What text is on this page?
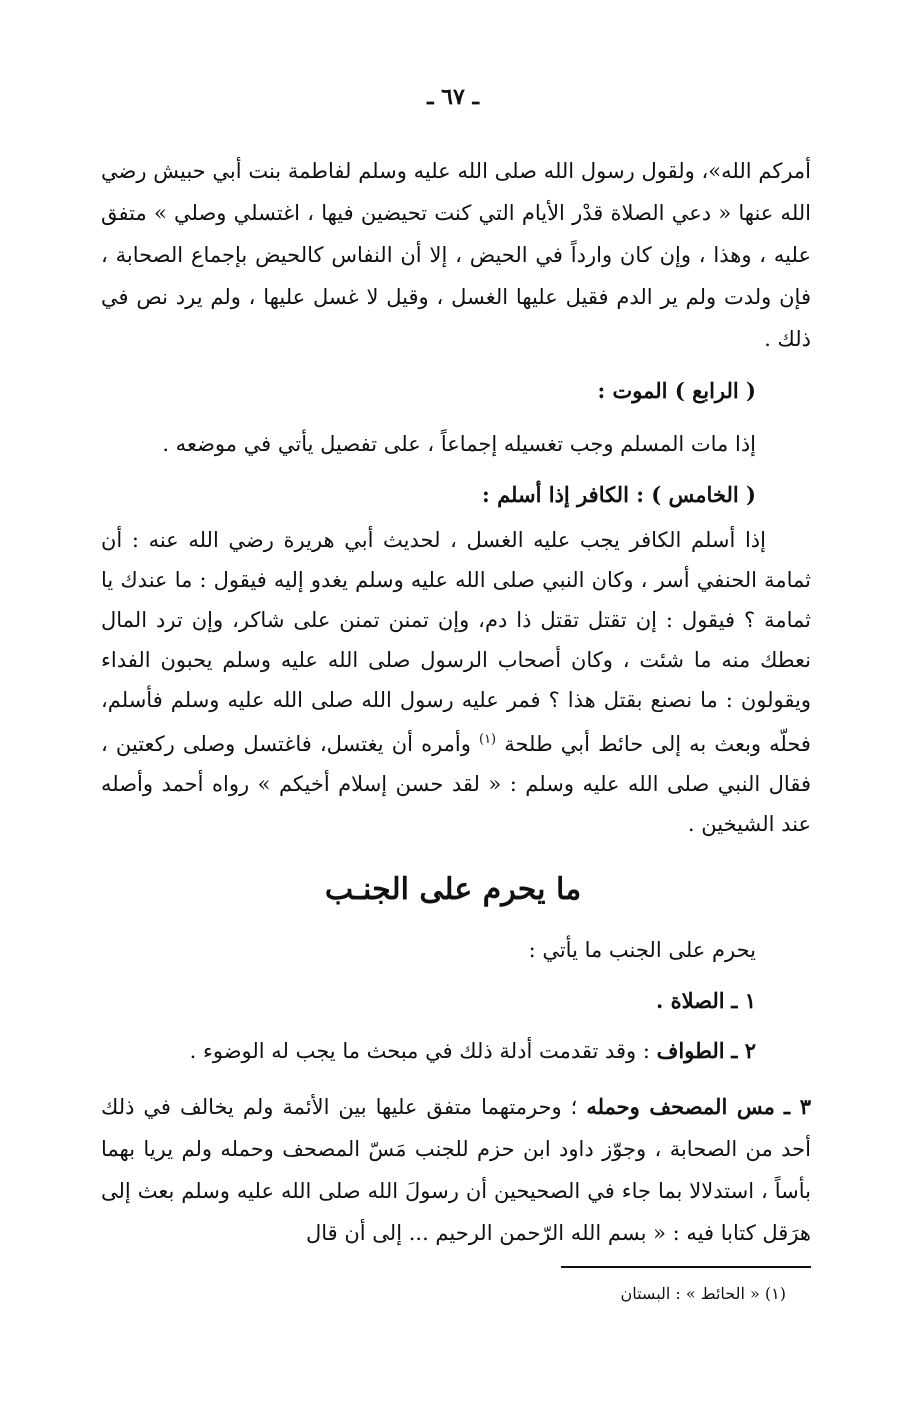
ـ ٦٧ ـ
أمركم الله»، ولقول رسول الله صلى الله عليه وسلم لفاطمة بنت أبي حبيش رضي الله عنها « دعي الصلاة قدْر الأيام التي كنت تحيضين فيها ، اغتسلي وصلي » متفق عليه ، وهذا ، وإن كان وارداً في الحيض ، إلا أن النفاس كالحيض بإجماع الصحابة ، فإن ولدت ولم ير الدم فقيل عليها الغسل ، وقيل لا غسل عليها ، ولم يرد نص في ذلك .
( الرابع ) الموت :
إذا مات المسلم وجب تغسيله إجماعاً ، على تفصيل يأتي في موضعه .
( الخامس ) : الكافر إذا أسلم :
إذا أسلم الكافر يجب عليه الغسل ، لحديث أبي هريرة رضي الله عنه : أن ثمامة الحنفي أسر ، وكان النبي صلى الله عليه وسلم يغدو إليه فيقول : ما عندك يا ثمامة ؟ فيقول : إن تقتل تقتل ذا دم، وإن تمنن تمنن على شاكر، وإن ترد المال نعطك منه ما شئت ، وكان أصحاب الرسول صلى الله عليه وسلم يحبون الفداء ويقولون : ما نصنع بقتل هذا ؟ فمر عليه رسول الله صلى الله عليه وسلم فأسلم، فحلّه وبعث به إلى حائط أبي طلحة $^{(١)}$ وأمره أن يغتسل، فاغتسل وصلى ركعتين ، فقال النبي صلى الله عليه وسلم : « لقد حسن إسلام أخيكم » رواه أحمد وأصله عند الشيخين .
ما يحرم على الجنـب
يحرم على الجنب ما يأتي :
١ ـ الصلاة .
٢ ـ الطواف : وقد تقدمت أدلة ذلك في مبحث ما يجب له الوضوء .
٣ ـ مس المصحف وحمله ؛ وحرمتهما متفق عليها بين الأئمة ولم يخالف في ذلك أحد من الصحابة ، وجوّز داود ابن حزم للجنب مَسّ المصحف وحمله ولم يريا بهما بأساً ، استدلالا بما جاء في الصحيحين أن رسولَ الله صلى الله عليه وسلم بعث إلى هرَقل كتابا فيه : « بسم الله الرّحمن الرحيم ... إلى أن قال
(١) « الحائط » : البستان
